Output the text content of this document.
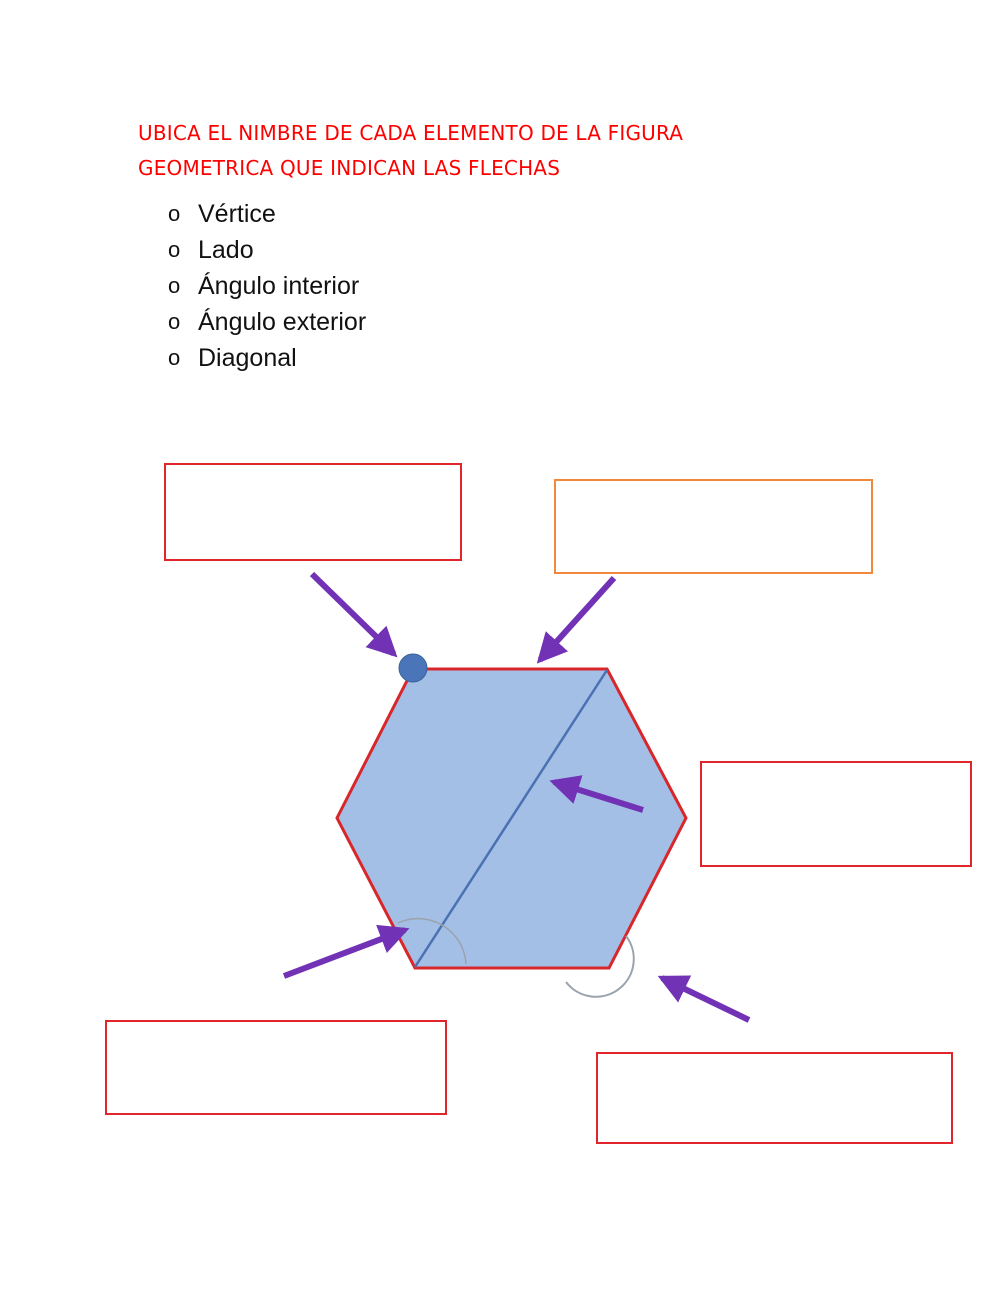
UBICA EL NIMBRE DE CADA ELEMENTO DE LA FIGURA
GEOMETRICA QUE INDICAN LAS FLECHAS
o Vértice
o Lado
o Ángulo interior
o Ángulo exterior
o Diagonal
